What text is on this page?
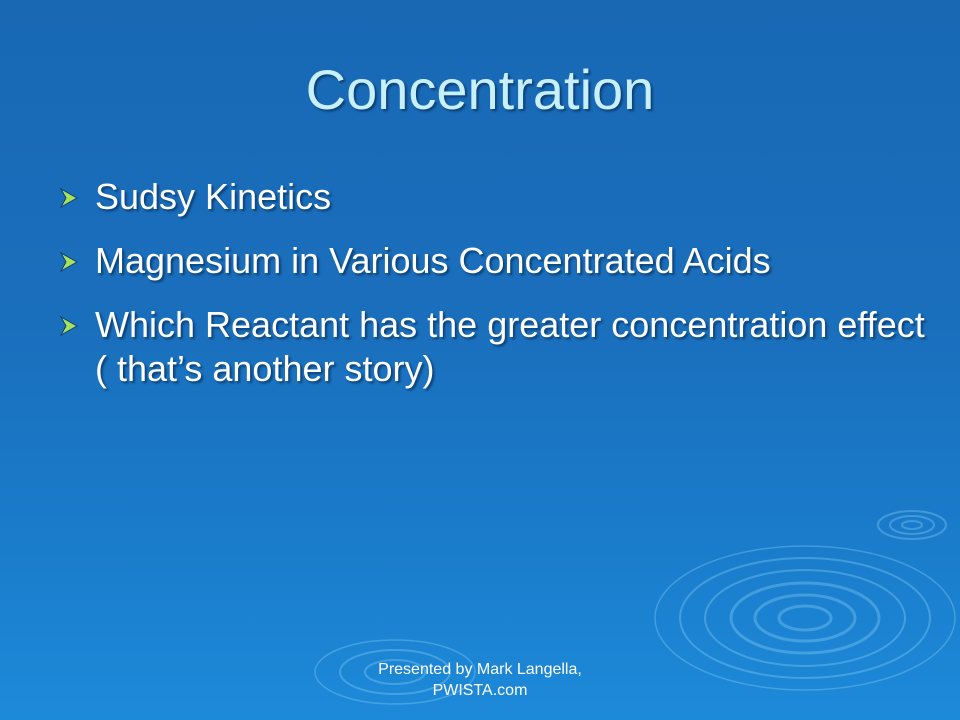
Concentration
Sudsy Kinetics
Magnesium in Various Concentrated Acids
Which Reactant has the greater concentration effect ( that’s another story)
Presented by Mark Langella,
PWISTA.com
